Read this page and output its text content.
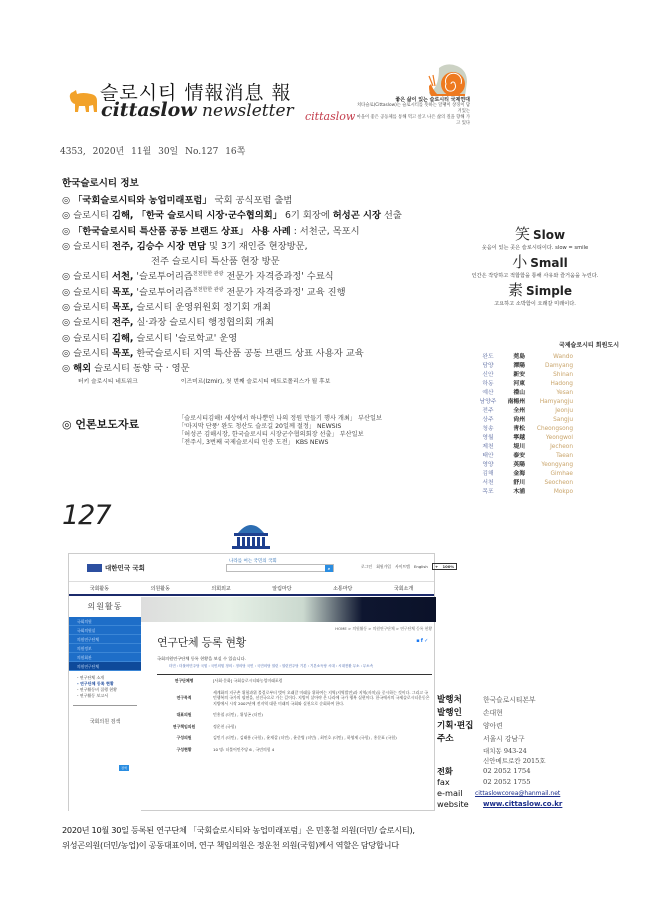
슬로시티 情報消息 報
cittaslow newsletter cittaslow
좋은 삶이 있는 슬로시티 국제연대
치타슬로(Cittaslow)는 슬로시티를 뜻하는 달팽이 상징이 담겨있는
마을이 좋은 공동체를 통해 먹고 살고 나은 삶의 질을 향해 가고 있다
4353, 2020년 11월 30일 No.127 16쪽
한국슬로시티 정보
◎ 「국회슬로시티와 농업미래포럼」 국회 공식포럼 출범
◎ 슬로시티 김해, 「한국 슬로시티 시장·군수협의회」 6기 회장에 허성곤 시장 선출
◎ 「한국슬로시티 특산품 공동 브랜드 상표」 사용 사례 : 서천군, 목포시
◎ 슬로시티 전주, 김승수 시장 면담 및 3기 재인증 현장방문,
전주 슬로시티 특산품 현장 방문
◎ 슬로시티 서천, '슬로투어리즘$^{천천한한 관광}$ 전문가 자격증과정' 수료식
◎ 슬로시티 목포, '슬로투어리즘$^{천천한한 관광}$ 전문가 자격증과정' 교육 진행
◎ 슬로시티 목포, 슬로시티 운영위원회 정기회 개최
◎ 슬로시티 전주, 실·과장 슬로시티 행정협의회 개최
◎ 슬로시티 김해, 슬로시티 '슬로학교' 운영
◎ 슬로시티 목포, 한국슬로시티 지역 특산품 공동 브랜드 상표 사용자 교육
◎ 해외 슬로시티 동향 국 · 영문
터키 슬로시티 네트워크	이즈미르(Izmir), 첫 번째 슬로시티 메트로폴리스가 될 후보
◎ 언론보도자료	「슬로시티김해! 세상에서 하나뿐인 나의 정원 만들기 행사 개최」 부산일보
「'마지막 단풍' 완도 청산도 슬로길 20일께 절정」 NEWSIS
「허성곤 김해시장, 한국슬로시티 시장군수협의회장 선출」 부산일보
「전주시, 3번째 국제슬로시티 인증 도전」 KBS NEWS
笑 Slow
웃음이 있는 곳은 슬로시티이다. slow = smile
小 Small
인간은 작당하고 적합함을 통해 사유와 즐거움을 누린다.
素 Simple
고요하고 소박함이 오래갈 미래이다.
국제슬로시티 회원도시
완도	莞島	Wando
담양	潭陽	Damyang
신안	新安	Shinan
하동	河東	Hadong
예산	禮山	Yesan
남양주	南楊州	Hamyangju
전주	全州	Jeonju
상주	尙州	Sangju
청송	靑松	Cheongsong
영월	寧越	Yeongwol
제천	堤川	Jecheon
태안	泰安	Taean
영양	英陽	Yeongyang
김해	金海	Gimhae
서천	舒川	Seocheon
목포	木浦	Mokpo
127
대한민국 국회
나라를 여는 국민의 국회
⌕	로그인 회원가입 사이트맵 English + 100%
국회활동	의원활동	의회외교	알림마당	소통마당	국회소개
의원활동
국회의원
국회의원실
의원연구단체
의원정보
의원회관
의원연구단체
- 연구단체 소개
- 연구단체 등록 현황
- 연구활동비 집행 현황
- 연구활동 보고서
국회의원 검색
검색
HOME > 의원활동 > 의원연구단체 > 연구단체 등록 현황
연구단체 등록 현황	▪ f ✓
국회의원연구단체 등록 현황을 보실 수 있습니다.
더민 : 더불어민주당 국힘 : 국민의힘 정의 : 정의당 국민 : 국민의당 열린 : 열린민주당 기본 : 기본소득당 시대 : 시대전환 무소 : 무소속
연구단체명	[사회·문화] 국회슬로시티와농업미래포럼
연구목적	세계화의 지구촌 위험과위 불결로부터 벗어 오래갈 미래를 위하여는 지역(지역발전)과 지역(자치)를 중시하는 것이다. 그리고 국민행복의 국가의 필연을, 선진국으로 가는 길이다. 지방이 살아야 온 나라에 국가 행복 실현이다. 한국에서의 국제슬로시티운동은 지방에서 시작 2007년에 전지역 대한 미래의 국회와 실천으로 순회하여 한다.
대표의원	민홍철 (더민) , 위성곤 (더민)
연구책임의원	정운천 (국힘)
구성의원	김민기 (더민) , 김태흠 (국힘) , 윤재갑 (더민) , 윤준병 (더민) , 최인호 (더민) , 하영제 (국힘) , 홍문표 (국힘)
구성현황	10 명: 더불어민주당 6 , 국민의힘 4
발행처	한국슬로시티본부
발행인	손대현
기획·편집	양아련
주소	서울시 강남구
대치동 943-24
신안메트로칸 2015호
전화	02 2052 1754
fax	02 2052 1755
e-mail	cittaslowcorea@hanmail.net
website	www.cittaslow.co.kr
2020년 10월 30일 등록된 연구단체 「국회슬로시티와 농업미래포럼」은 민홍철 의원(더민/ 슬로시티),
위성곤의원(더민/농업)이 공동대표이며, 연구 책임의원은 정운천 의원(국힘)께서 역할은 담당합니다
